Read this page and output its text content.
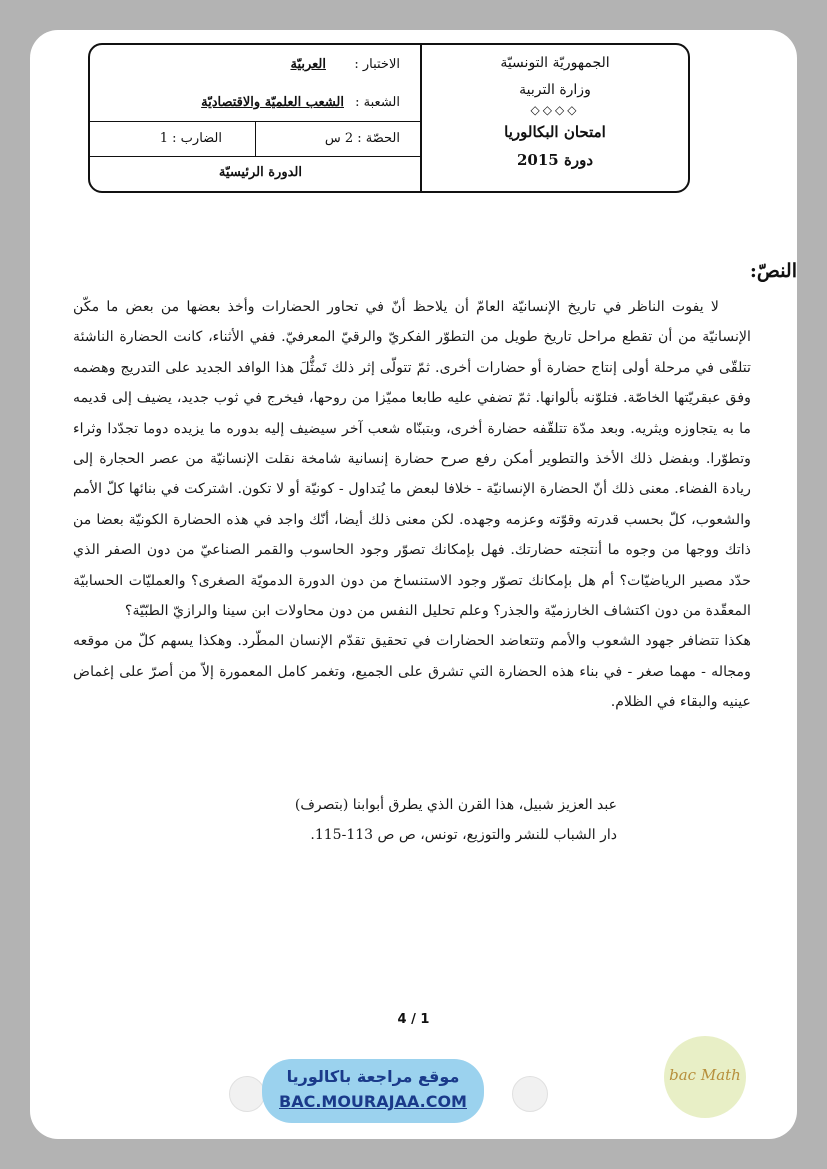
الجمهوريّة التونسيّة
وزارة التربية
◇◇◇◇
امتحان البكالوريا
دورة 2015
الاختبار :
العربيّة
الشعبة :
الشعب العلميّة والاقتصاديّة
الحصّة : 2 س
الضارب : 1
الدورة الرئيسيّة
النصّ:

لا يفوت الناظر في تاريخ الإنسانيّة العامّ أن يلاحظ أنّ في تحاور الحضارات وأخذ بعضها من بعض ما مكّن الإنسانيّة من أن تقطع مراحل تاريخ طويل من التطوّر الفكريّ والرقيّ المعرفيّ. ففي الأثناء، كانت الحضارة الناشئة تتلقّى في مرحلة أولى إنتاج حضارة أو حضارات أخرى. ثمّ تتولّى إثر ذلك تَمثُّلَ هذا الوافد الجديد على التدريج وهضمه وفق عبقريّتها الخاصّة. فتلوّنه بألوانها. ثمّ تضفي عليه طابعا مميّزا من روحها، فيخرج في ثوب جديد، يضيف إلى قديمه ما به يتجاوزه ويثريه. وبعد مدّة تتلقّفه حضارة أخرى، وبتبنّاه شعب آخر سيضيف إليه بدوره ما يزيده دوما تجدّدا وثراء وتطوّرا. وبفضل ذلك الأخذ والتطوير أمكن رفع صرح حضارة إنسانية شامخة نقلت الإنسانيّة من عصر الحجارة إلى ريادة الفضاء. معنى ذلك أنّ الحضارة الإنسانيّة - خلافا لبعض ما يُتداول - كونيّة أو لا تكون. اشتركت في بنائها كلّ الأمم والشعوب، كلّ بحسب قدرته وقوّته وعزمه وجهده. لكن معنى ذلك أيضا، أنّك واجد في هذه الحضارة الكونيّة بعضا من ذاتك ووجها من وجوه ما أنتجته حضارتك. فهل بإمكانك تصوّر وجود الحاسوب والقمر الصناعيّ من دون الصفر الذي حدّد مصير الرياضيّات؟ أم هل بإمكانك تصوّر وجود الاستنساخ من دون الدورة الدمويّة الصغرى؟ والعمليّات الحسابيّة المعقّدة من دون اكتشاف الخارزميّة والجذر؟ وعلم تحليل النفس من دون محاولات ابن سينا والرازيّ الطبّيّة؟

هكذا تتضافر جهود الشعوب والأمم وتتعاضد الحضارات في تحقيق تقدّم الإنسان المطّرد. وهكذا يسهم كلّ من موقعه ومجاله - مهما صغر - في بناء هذه الحضارة التي تشرق على الجميع، وتغمر كامل المعمورة إلاّ من أصرّ على إغماض عينيه والبقاء في الظلام.

عبد العزيز شبيل، هذا القرن الذي يطرق أبوابنا (بتصرف)
دار الشباب للنشر والتوزيع، تونس، ص ص 113-115.
4 / 1
موقع مراجعة باكالوريا
BAC.MOURAJAA.COM
bac Math
